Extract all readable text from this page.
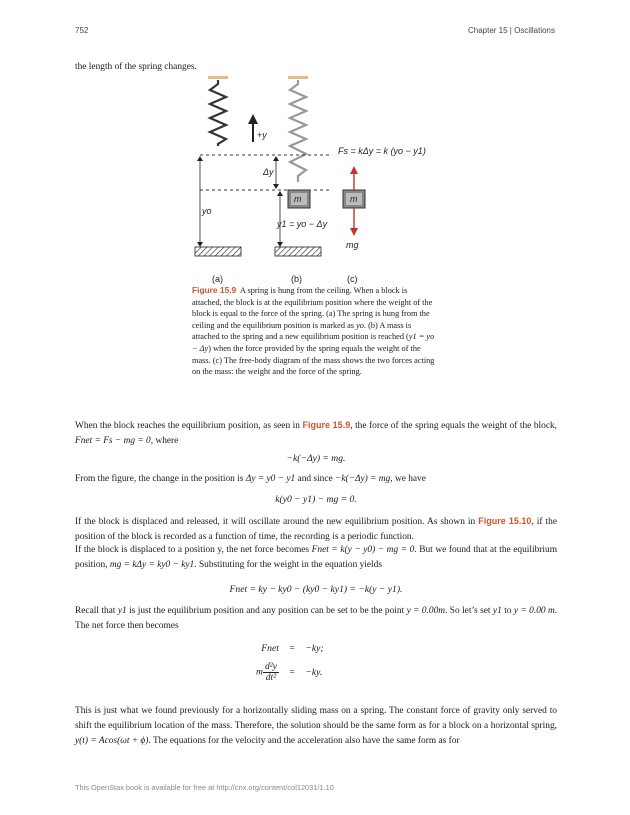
752	Chapter 15 | Oscillations

the length of the spring changes.

+y
Δy
yo
y1 = yo − Δy
m	m
mg
Fs = kΔy = k (yo − y1)
(a)	(b)	(c)
Figure 15.9 A spring is hung from the ceiling. When a block is attached, the block is at the equilibrium position where the weight of the block is equal to the force of the spring. (a) The spring is hung from the ceiling and the equilibrium position is marked as yo. (b) A mass is attached to the spring and a new equilibrium position is reached (y1 = yo − Δy) when the force provided by the spring equals the weight of the mass. (c) The free-body diagram of the mass shows the two forces acting on the mass: the weight and the force of the spring.

When the block reaches the equilibrium position, as seen in Figure 15.9, the force of the spring equals the weight of the block, Fnet = Fs − mg = 0, where

−k(−Δy) = mg.

From the figure, the change in the position is Δy = y0 − y1 and since −k(−Δy) = mg, we have

k(y0 − y1) − mg = 0.

If the block is displaced and released, it will oscillate around the new equilibrium position. As shown in Figure 15.10, if the position of the block is recorded as a function of time, the recording is a periodic function.

If the block is displaced to a position y, the net force becomes Fnet = k(y − y0) − mg = 0. But we found that at the equilibrium position, mg = kΔy = ky0 − ky1. Substituting for the weight in the equation yields

Fnet = ky − ky0 − (ky0 − ky1) = −k(y − y1).

Recall that y1 is just the equilibrium position and any position can be set to be the point y = 0.00m. So let’s set y1 to y = 0.00 m. The net force then becomes

Fnet	=	−ky;
m $\frac{\text{d²y}}{\text{dt²}}$	=	−ky.

This is just what we found previously for a horizontally sliding mass on a spring. The constant force of gravity only served to shift the equilibrium location of the mass. Therefore, the solution should be the same form as for a block on a horizontal spring, y(t) = Acos(ωt + ϕ). The equations for the velocity and the acceleration also have the same form as for

This OpenStax book is available for free at http://cnx.org/content/col12031/1.10
